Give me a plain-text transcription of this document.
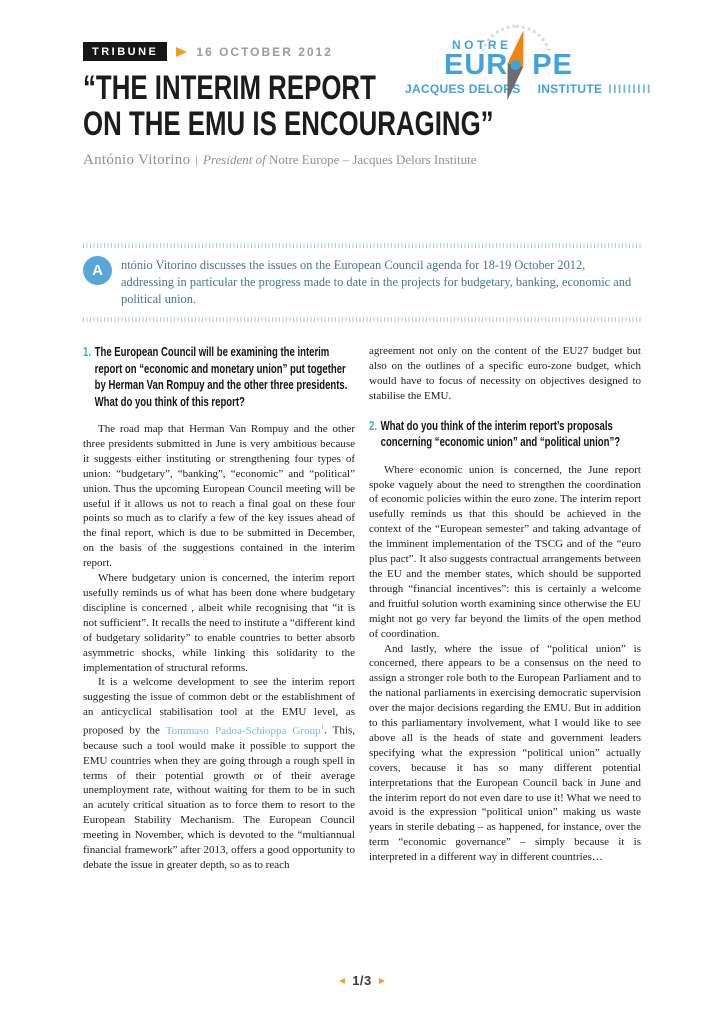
TRIBUNE	16 OCTOBER 2012
“THE INTERIM REPORT
ON THE EMU IS ENCOURAGING”
António Vitorino | President of Notre Europe – Jacques Delors Institute
NOTRE
EUR PE
JACQUES DELORS INSTITUTE IIIIIIIII
A	ntónio Vitorino discusses the issues on the European Council agenda for 18-19 October 2012, addressing in particular the progress made to date in the projects for budgetary, banking, economic and political union.
1. The European Council will be examining the interim report on “economic and monetary union” put together by Herman Van Rompuy and the other three presidents. What do you think of this report?

The road map that Herman Van Rompuy and the other three presidents submitted in June is very ambitious because it suggests either instituting or strengthening four types of union: “budgetary”, “banking”, “economic” and “political” union. Thus the upcoming European Council meeting will be useful if it allows us not to reach a final goal on these four points so much as to clarify a few of the key issues ahead of the final report, which is due to be submitted in December, on the basis of the suggestions contained in the interim report.

Where budgetary union is concerned, the interim report usefully reminds us of what has been done where budgetary discipline is concerned , albeit while recognising that “it is not sufficient”. It recalls the need to institute a “different kind of budgetary solidarity” to enable countries to better absorb asymmetric shocks, while linking this solidarity to the implementation of structural reforms.

It is a welcome development to see the interim report suggesting the issue of common debt or the establishment of an anticyclical stabilisation tool at the EMU level, as proposed by the Tommaso Padoa-Schioppa Group$^1$. This, because such a tool would make it possible to support the EMU countries when they are going through a rough spell in terms of their potential growth or of their average unemployment rate, without waiting for them to be in such an acutely critical situation as to force them to resort to the European Stability Mechanism. The European Council meeting in November, which is devoted to the “multiannual financial framework” after 2013, offers a good opportunity to debate the issue in greater depth, so as to reach

agreement not only on the content of the EU27 budget but also on the outlines of a specific euro-zone budget, which would have to focus of necessity on objectives designed to stabilise the EMU.

2. What do you think of the interim report’s proposals concerning “economic union” and “political union”?

Where economic union is concerned, the June report spoke vaguely about the need to strengthen the coordination of economic policies within the euro zone. The interim report usefully reminds us that this should be achieved in the context of the “European semester” and taking advantage of the imminent implementation of the TSCG and of the “euro plus pact”. It also suggests contractual arrangements between the EU and the member states, which should be supported through “financial incentives”: this is certainly a welcome and fruitful solution worth examining since otherwise the EU might not go very far beyond the limits of the open method of coordination.

And lastly, where the issue of “political union” is concerned, there appears to be a consensus on the need to assign a stronger role both to the European Parliament and to the national parliaments in exercising democratic supervision over the major decisions regarding the EMU. But in addition to this parliamentary involvement, what I would like to see above all is the heads of state and government leaders specifying what the expression “political union” actually covers, because it has so many different potential interpretations that the European Council back in June and the interim report do not even dare to use it! What we need to avoid is the expression “political union” making us waste years in sterile debating – as happened, for instance, over the term “economic governance” – simply because it is interpreted in a different way in different countries…

1/3
